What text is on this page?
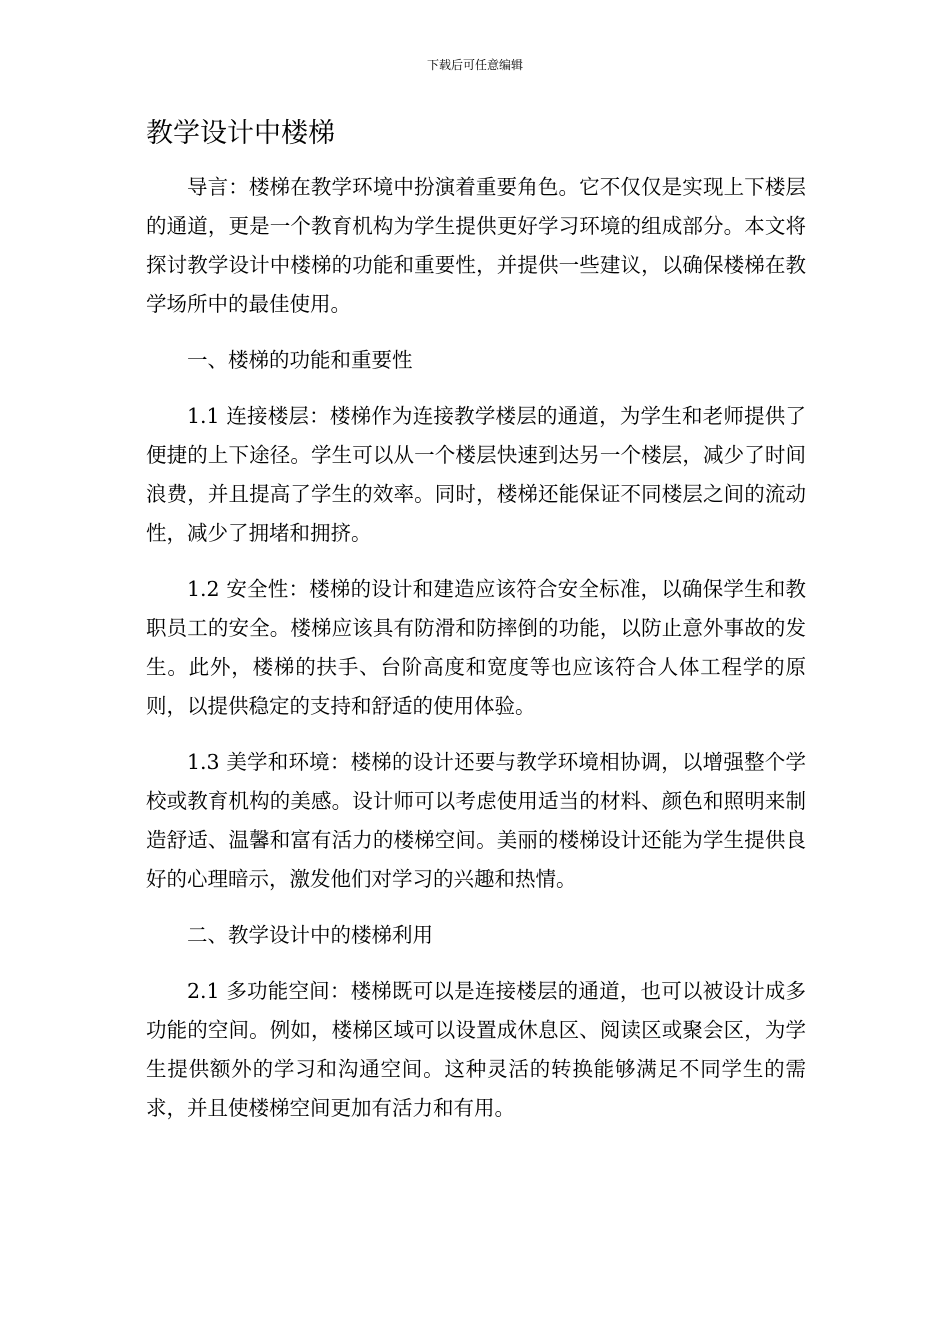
下载后可任意编辑
教学设计中楼梯

导言：楼梯在教学环境中扮演着重要角色。它不仅仅是实现上下楼层的通道，更是一个教育机构为学生提供更好学习环境的组成部分。本文将探讨教学设计中楼梯的功能和重要性，并提供一些建议，以确保楼梯在教学场所中的最佳使用。

一、楼梯的功能和重要性

1.1 连接楼层：楼梯作为连接教学楼层的通道，为学生和老师提供了便捷的上下途径。学生可以从一个楼层快速到达另一个楼层，减少了时间浪费，并且提高了学生的效率。同时，楼梯还能保证不同楼层之间的流动性，减少了拥堵和拥挤。

1.2 安全性：楼梯的设计和建造应该符合安全标准，以确保学生和教职员工的安全。楼梯应该具有防滑和防摔倒的功能，以防止意外事故的发生。此外，楼梯的扶手、台阶高度和宽度等也应该符合人体工程学的原则，以提供稳定的支持和舒适的使用体验。

1.3 美学和环境：楼梯的设计还要与教学环境相协调，以增强整个学校或教育机构的美感。设计师可以考虑使用适当的材料、颜色和照明来制造舒适、温馨和富有活力的楼梯空间。美丽的楼梯设计还能为学生提供良好的心理暗示，激发他们对学习的兴趣和热情。

二、教学设计中的楼梯利用

2.1 多功能空间：楼梯既可以是连接楼层的通道，也可以被设计成多功能的空间。例如，楼梯区域可以设置成休息区、阅读区或聚会区，为学生提供额外的学习和沟通空间。这种灵活的转换能够满足不同学生的需求，并且使楼梯空间更加有活力和有用。
